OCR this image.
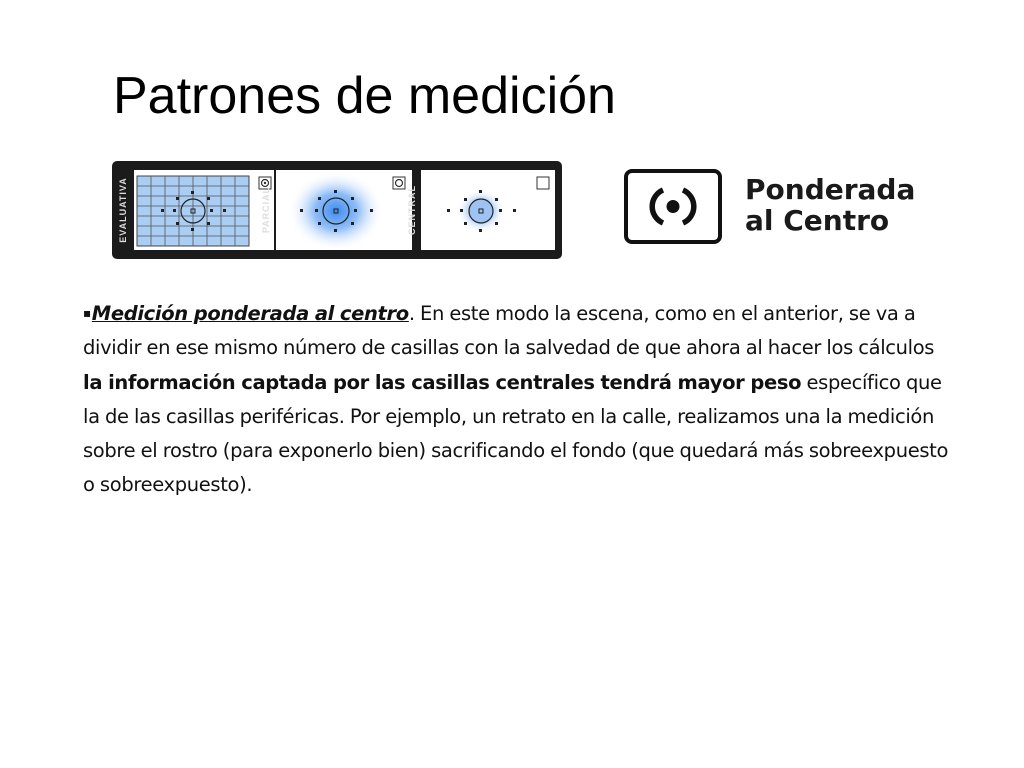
Patrones de medición
EVALUATIVA	PARCIAL	CENTRAL	Ponderada
al Centro

▪Medición ponderada al centro. En este modo la escena, como en el anterior, se va a dividir en ese mismo número de casillas con la salvedad de que ahora al hacer los cálculos la información captada por las casillas centrales tendrá mayor peso específico que la de las casillas periféricas. Por ejemplo, un retrato en la calle, realizamos una la medición sobre el rostro (para exponerlo bien) sacrificando el fondo (que quedará más sobreexpuesto o sobreexpuesto).
